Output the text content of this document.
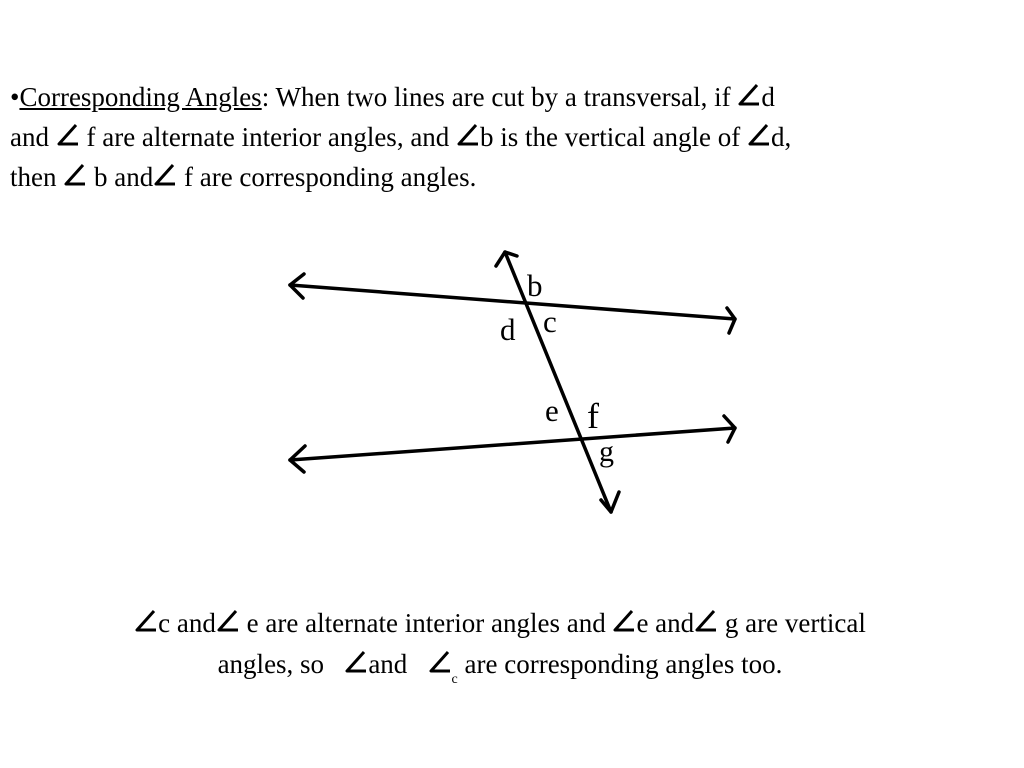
•Corresponding Angles: When two lines are cut by a transversal, if
d
and
f are alternate interior angles, and
b is the vertical angle of
d,
then
b and
f are corresponding angles.
b
c
d
e f
g
c and
e are alternate interior angles and
e and
g are vertical
angles, so
and
c are corresponding angles too.
